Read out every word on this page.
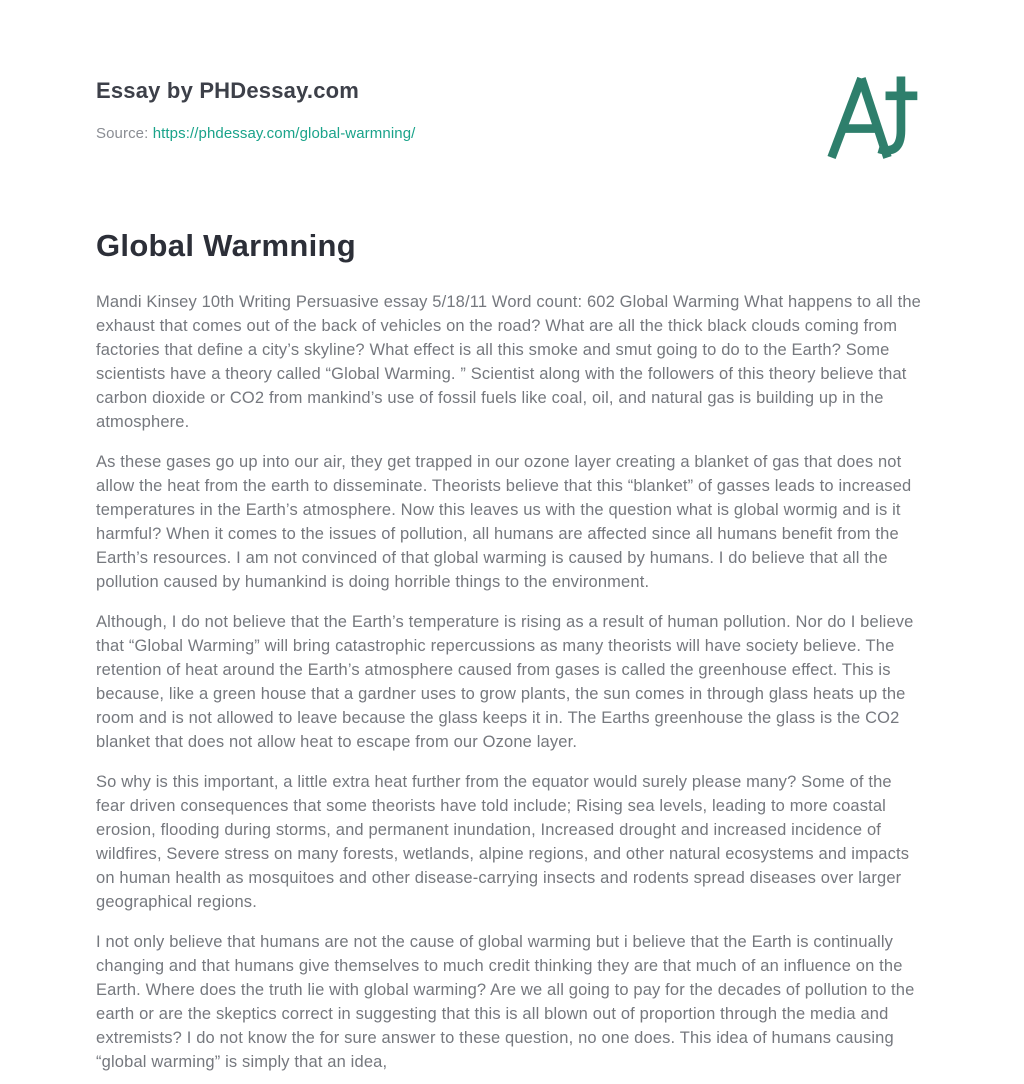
Essay by PHDessay.com
Source: https://phdessay.com/global-warmning/
Global Warmning

Mandi Kinsey 10th Writing Persuasive essay 5/18/11 Word count: 602 Global Warming What happens to all the exhaust that comes out of the back of vehicles on the road? What are all the thick black clouds coming from factories that define a city’s skyline? What effect is all this smoke and smut going to do to the Earth? Some scientists have a theory called “Global Warming. ” Scientist along with the followers of this theory believe that carbon dioxide or CO2 from mankind’s use of fossil fuels like coal, oil, and natural gas is building up in the atmosphere.

As these gases go up into our air, they get trapped in our ozone layer creating a blanket of gas that does not allow the heat from the earth to disseminate. Theorists believe that this “blanket” of gasses leads to increased temperatures in the Earth’s atmosphere. Now this leaves us with the question what is global wormig and is it harmful? When it comes to the issues of pollution, all humans are affected since all humans benefit from the Earth’s resources. I am not convinced of that global warming is caused by humans. I do believe that all the pollution caused by humankind is doing horrible things to the environment.

Although, I do not believe that the Earth’s temperature is rising as a result of human pollution. Nor do I believe that “Global Warming” will bring catastrophic repercussions as many theorists will have society believe. The retention of heat around the Earth’s atmosphere caused from gases is called the greenhouse effect. This is because, like a green house that a gardner uses to grow plants, the sun comes in through glass heats up the room and is not allowed to leave because the glass keeps it in. The Earths greenhouse the glass is the CO2 blanket that does not allow heat to escape from our Ozone layer.

So why is this important, a little extra heat further from the equator would surely please many? Some of the fear driven consequences that some theorists have told include; Rising sea levels, leading to more coastal erosion, flooding during storms, and permanent inundation, Increased drought and increased incidence of wildfires, Severe stress on many forests, wetlands, alpine regions, and other natural ecosystems and impacts on human health as mosquitoes and other disease-carrying insects and rodents spread diseases over larger geographical regions.

I not only believe that humans are not the cause of global warming but i believe that the Earth is continually changing and that humans give themselves to much credit thinking they are that much of an influence on the Earth. Where does the truth lie with global warming? Are we all going to pay for the decades of pollution to the earth or are the skeptics correct in suggesting that this is all blown out of proportion through the media and extremists? I do not know the for sure answer to these question, no one does. This idea of humans causing “global warming” is simply that an idea,
